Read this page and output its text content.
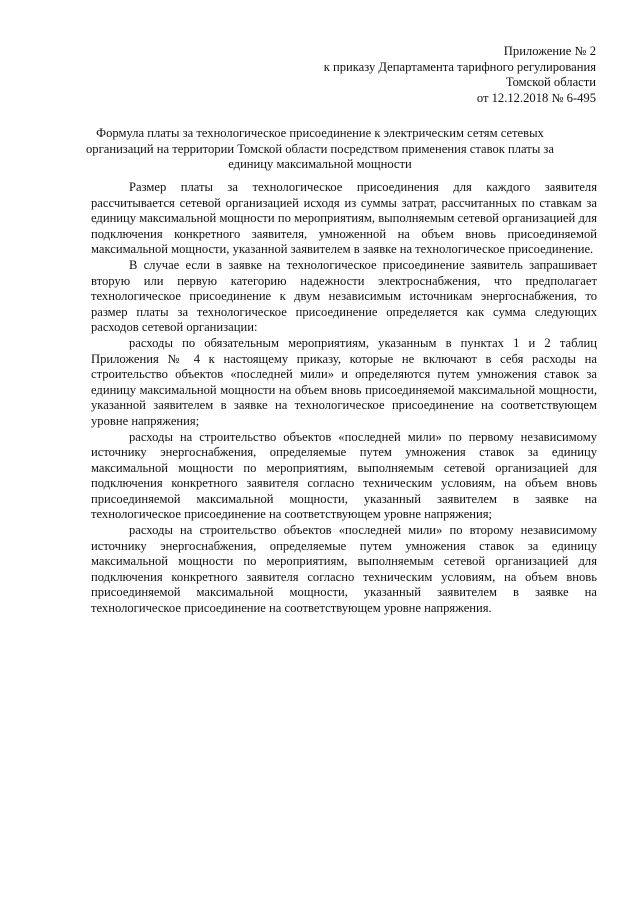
Приложение № 2
к приказу Департамента тарифного регулирования
Томской области
от 12.12.2018 № 6-495
Формула платы за технологическое присоединение к электрическим сетям сетевых организаций на территории Томской области посредством применения ставок платы за единицу максимальной мощности

Размер платы за технологическое присоединения для каждого заявителя рассчитывается сетевой организацией исходя из суммы затрат, рассчитанных по ставкам за единицу максимальной мощности по мероприятиям, выполняемым сетевой организацией для подключения конкретного заявителя, умноженной на объем вновь присоединяемой максимальной мощности, указанной заявителем в заявке на технологическое присоединение.

В случае если в заявке на технологическое присоединение заявитель запрашивает вторую или первую категорию надежности электроснабжения, что предполагает технологическое присоединение к двум независимым источникам энергоснабжения, то размер платы за технологическое присоединение определяется как сумма следующих расходов сетевой организации:

расходы по обязательным мероприятиям, указанным в пунктах 1 и 2 таблиц Приложения № 4 к настоящему приказу, которые не включают в себя расходы на строительство объектов «последней мили» и определяются путем умножения ставок за единицу максимальной мощности на объем вновь присоединяемой максимальной мощности, указанной заявителем в заявке на технологическое присоединение на соответствующем уровне напряжения;

расходы на строительство объектов «последней мили» по первому независимому источнику энергоснабжения, определяемые путем умножения ставок за единицу максимальной мощности по мероприятиям, выполняемым сетевой организацией для подключения конкретного заявителя согласно техническим условиям, на объем вновь присоединяемой максимальной мощности, указанный заявителем в заявке на технологическое присоединение на соответствующем уровне напряжения;

расходы на строительство объектов «последней мили» по второму независимому источнику энергоснабжения, определяемые путем умножения ставок за единицу максимальной мощности по мероприятиям, выполняемым сетевой организацией для подключения конкретного заявителя согласно техническим условиям, на объем вновь присоединяемой максимальной мощности, указанный заявителем в заявке на технологическое присоединение на соответствующем уровне напряжения.
